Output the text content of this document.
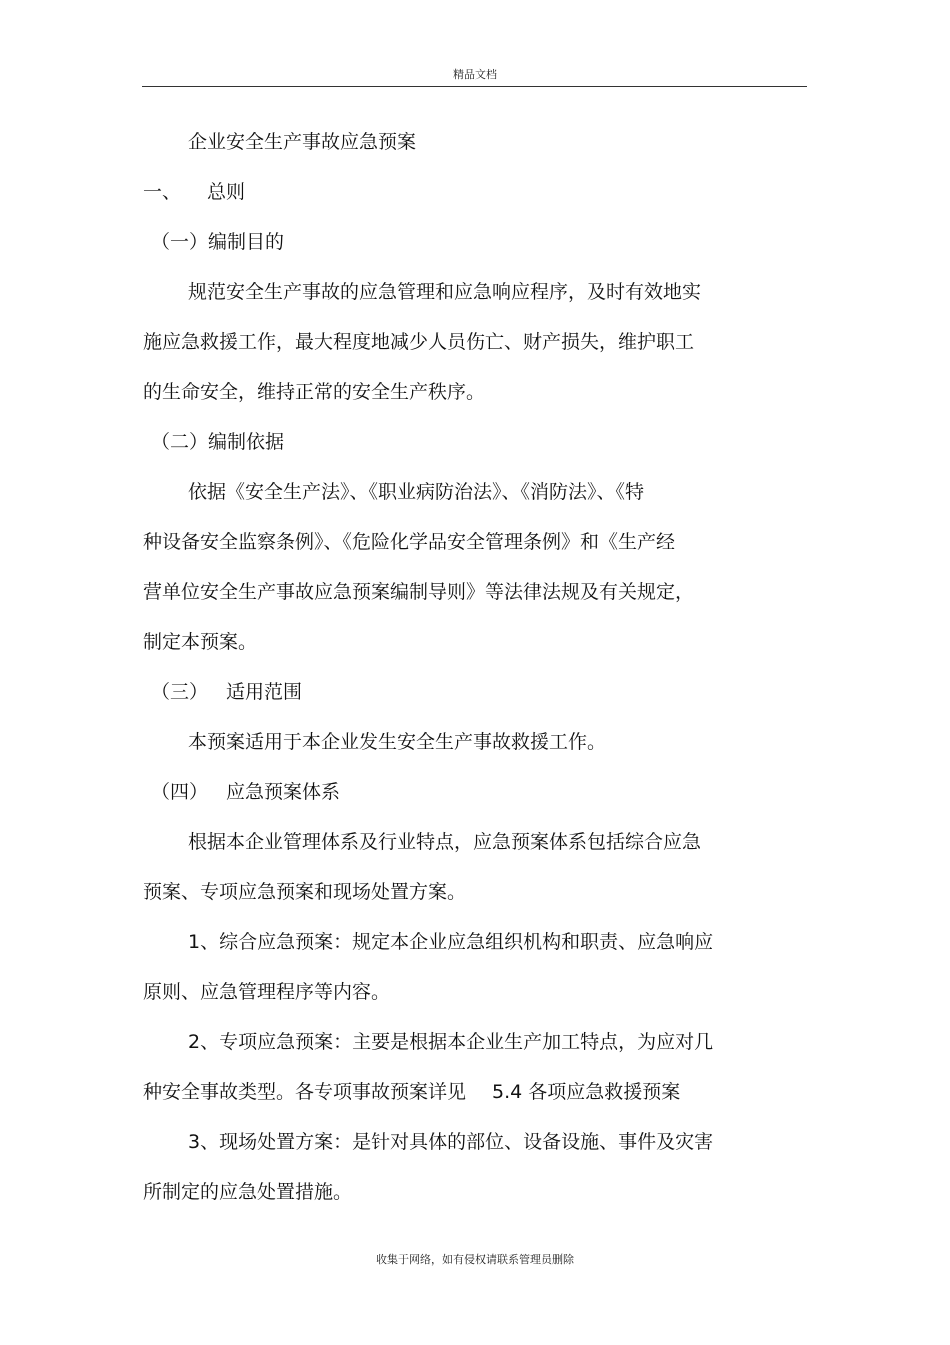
精品文档
企业安全生产事故应急预案
一、 总则
（一）编制目的
规范安全生产事故的应急管理和应急响应程序，及时有效地实
施应急救援工作，最大程度地减少人员伤亡、财产损失，维护职工
的生命安全，维持正常的安全生产秩序。
（二）编制依据
依据《安全生产法》、《职业病防治法》、《消防法》、《特
种设备安全监察条例》、《危险化学品安全管理条例》和《生产经
营单位安全生产事故应急预案编制导则》等法律法规及有关规定，
制定本预案。
（三） 适用范围
本预案适用于本企业发生安全生产事故救援工作。
（四） 应急预案体系
根据本企业管理体系及行业特点，应急预案体系包括综合应急
预案、专项应急预案和现场处置方案。
1、综合应急预案：规定本企业应急组织机构和职责、应急响应
原则、应急管理程序等内容。
2、专项应急预案：主要是根据本企业生产加工特点，为应对几
种安全事故类型。各专项事故预案详见 5.4 各项应急救援预案
3、现场处置方案：是针对具体的部位、设备设施、事件及灾害
所制定的应急处置措施。
收集于网络，如有侵权请联系管理员删除
